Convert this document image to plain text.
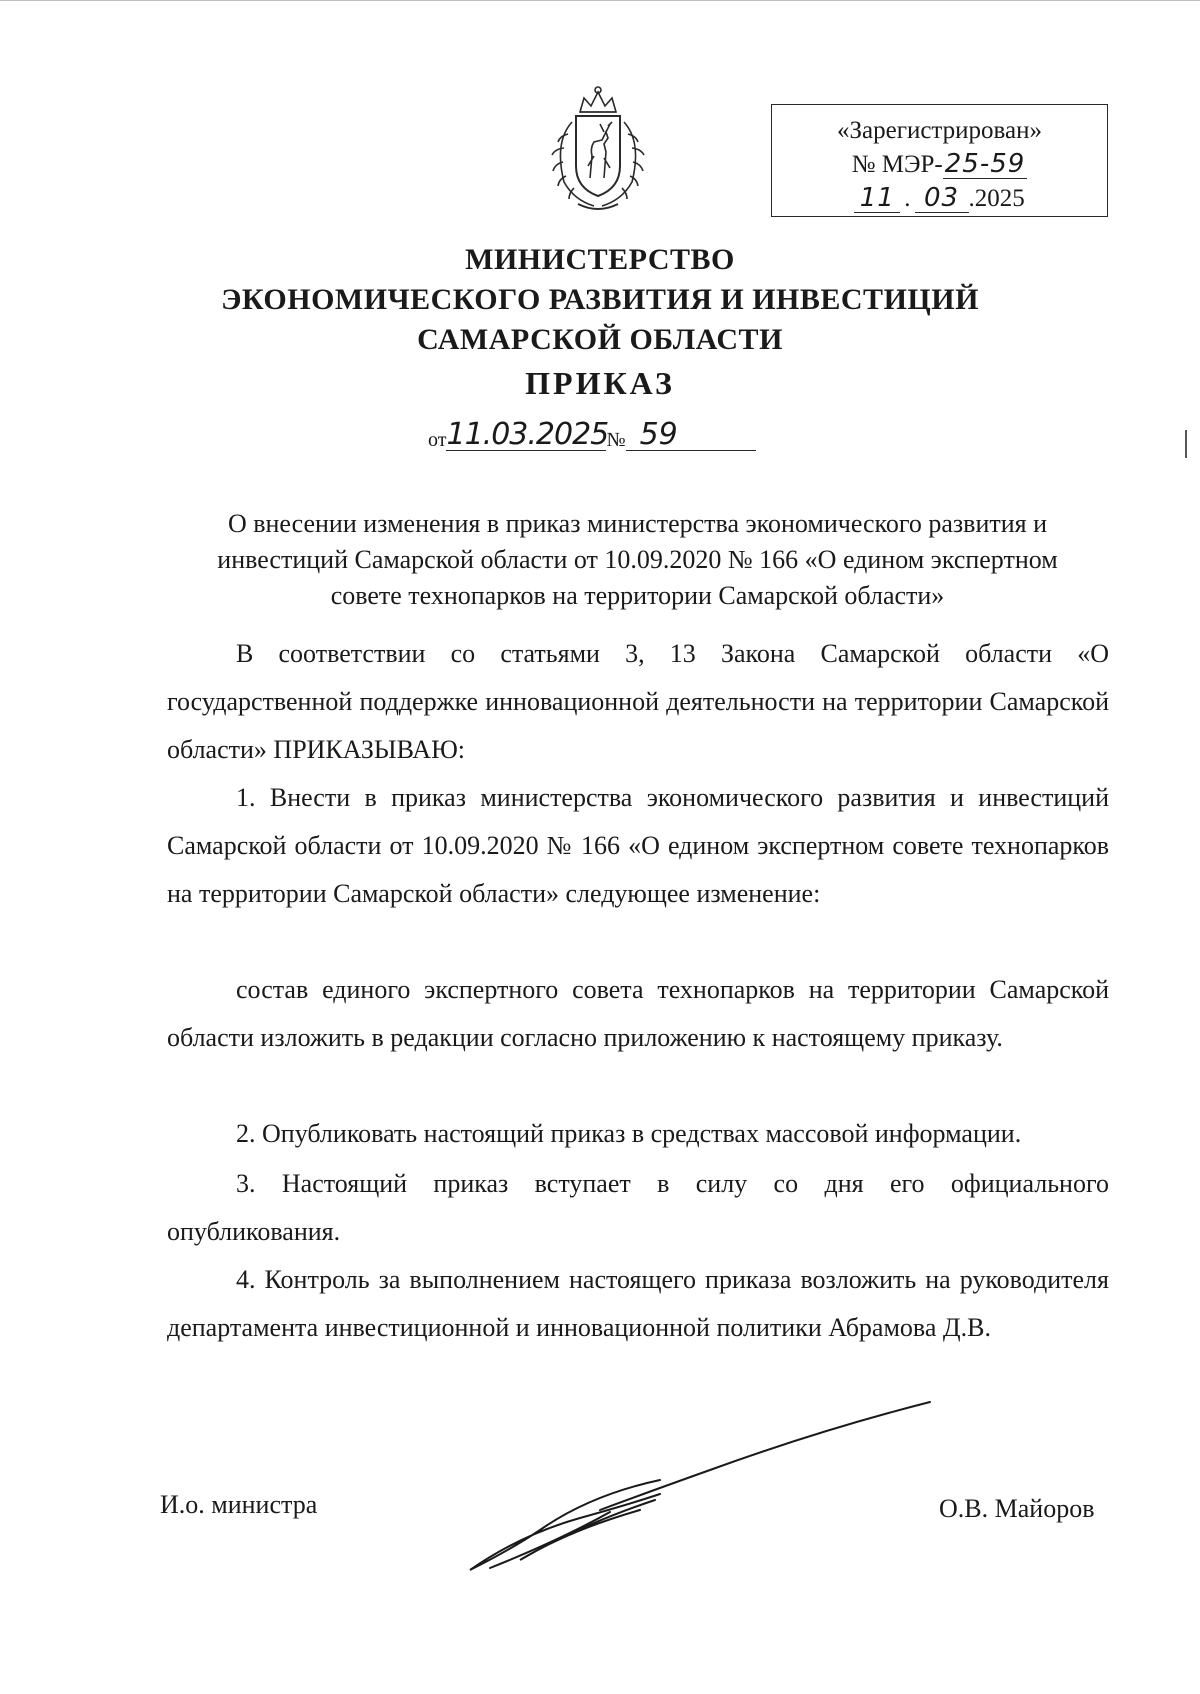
«Зарегистрирован»
№ МЭР-25-59
11 . 03 .2025
МИНИСТЕРСТВО
ЭКОНОМИЧЕСКОГО РАЗВИТИЯ И ИНВЕСТИЦИЙ
САМАРСКОЙ ОБЛАСТИ
ПРИКАЗ
от11.03.2025№ 59
О внесении изменения в приказ министерства экономического развития и
инвестиций Самарской области от 10.09.2020 № 166 «О едином экспертном
совете технопарков на территории Самарской области»

В соответствии со статьями 3, 13 Закона Самарской области «О государственной поддержке инновационной деятельности на территории Самарской области» ПРИКАЗЫВАЮ:

1. Внести в приказ министерства экономического развития и инвестиций Самарской области от 10.09.2020 № 166 «О едином экспертном совете технопарков на территории Самарской области» следующее изменение:

состав единого экспертного совета технопарков на территории Самарской области изложить в редакции согласно приложению к настоящему приказу.

2. Опубликовать настоящий приказ в средствах массовой информации.

3. Настоящий приказ вступает в силу со дня его официального опубликования.

4. Контроль за выполнением настоящего приказа возложить на руководителя департамента инвестиционной и инновационной политики Абрамова Д.В.

И.о. министра	О.В. Майоров
